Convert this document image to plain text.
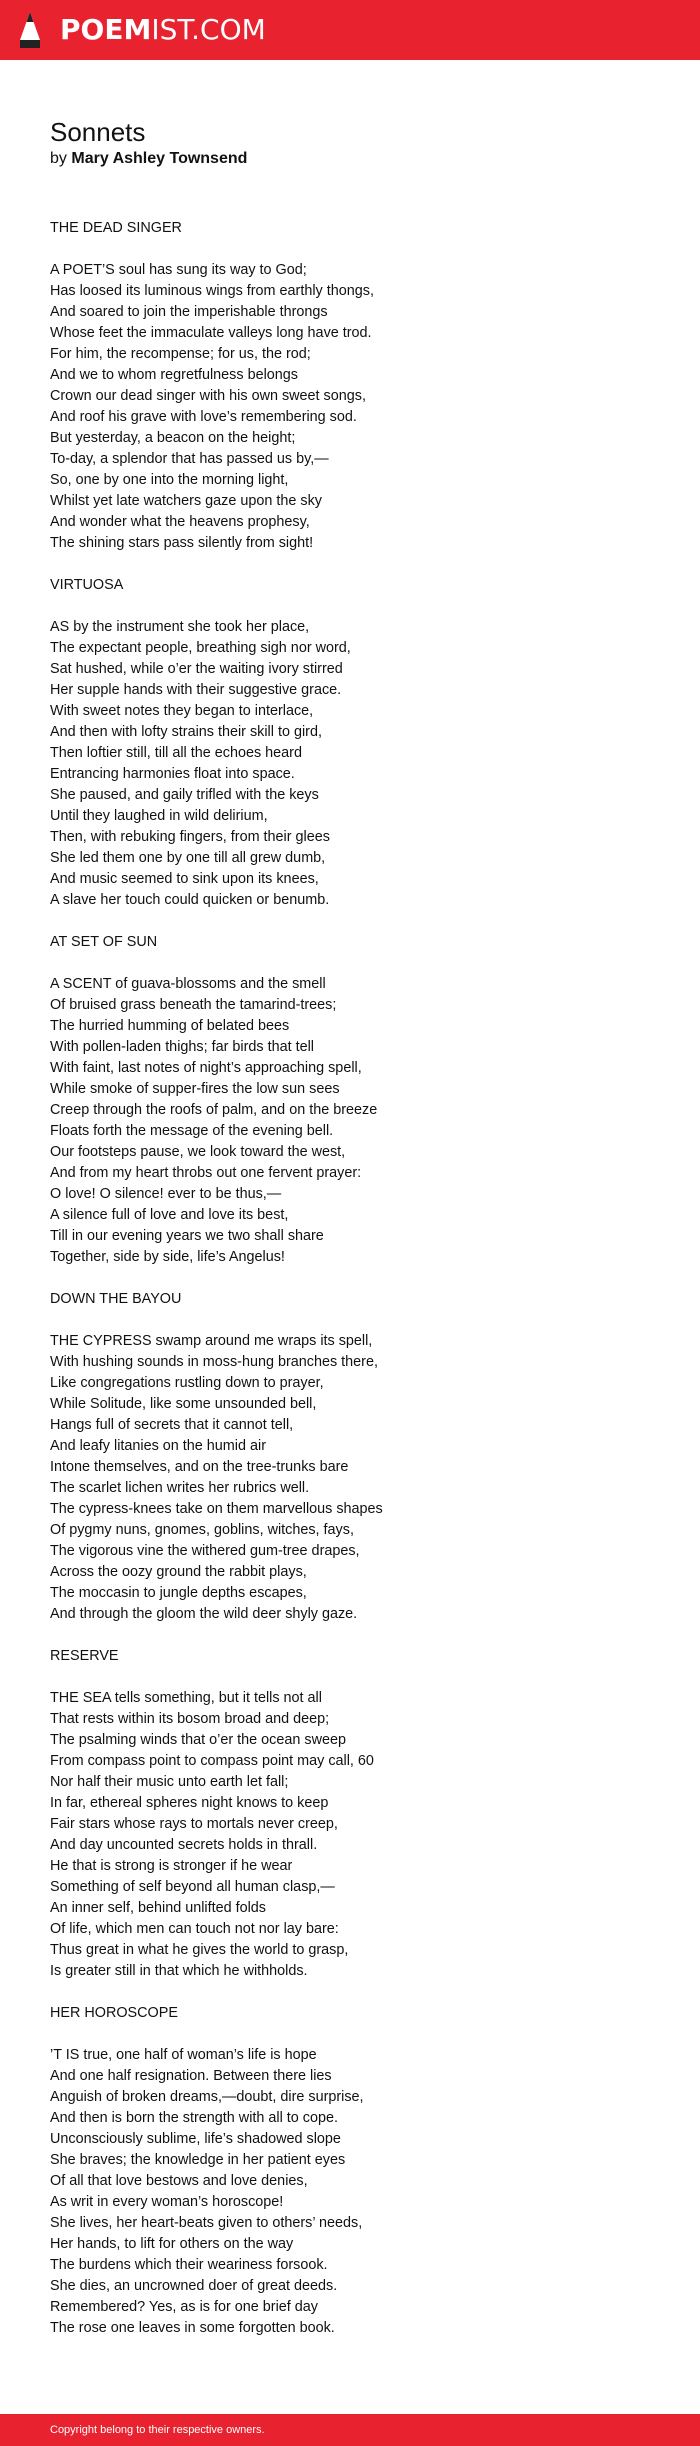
POEMIST.COM
Sonnets
by Mary Ashley Townsend
THE DEAD SINGER
A POET’S soul has sung its way to God;
Has loosed its luminous wings from earthly thongs,
And soared to join the imperishable throngs
Whose feet the immaculate valleys long have trod.
For him, the recompense; for us, the rod;
And we to whom regretfulness belongs
Crown our dead singer with his own sweet songs,
And roof his grave with love’s remembering sod.
But yesterday, a beacon on the height;
To-day, a splendor that has passed us by,—
So, one by one into the morning light,
Whilst yet late watchers gaze upon the sky
And wonder what the heavens prophesy,
The shining stars pass silently from sight!
VIRTUOSA
AS by the instrument she took her place,
The expectant people, breathing sigh nor word,
Sat hushed, while o’er the waiting ivory stirred
Her supple hands with their suggestive grace.
With sweet notes they began to interlace,
And then with lofty strains their skill to gird,
Then loftier still, till all the echoes heard
Entrancing harmonies float into space.
She paused, and gaily trifled with the keys
Until they laughed in wild delirium,
Then, with rebuking fingers, from their glees
She led them one by one till all grew dumb,
And music seemed to sink upon its knees,
A slave her touch could quicken or benumb.
AT SET OF SUN
A SCENT of guava-blossoms and the smell
Of bruised grass beneath the tamarind-trees;
The hurried humming of belated bees
With pollen-laden thighs; far birds that tell
With faint, last notes of night’s approaching spell,
While smoke of supper-fires the low sun sees
Creep through the roofs of palm, and on the breeze
Floats forth the message of the evening bell.
Our footsteps pause, we look toward the west,
And from my heart throbs out one fervent prayer:
O love! O silence! ever to be thus,—
A silence full of love and love its best,
Till in our evening years we two shall share
Together, side by side, life’s Angelus!
DOWN THE BAYOU
THE CYPRESS swamp around me wraps its spell,
With hushing sounds in moss-hung branches there,
Like congregations rustling down to prayer,
While Solitude, like some unsounded bell,
Hangs full of secrets that it cannot tell,
And leafy litanies on the humid air
Intone themselves, and on the tree-trunks bare
The scarlet lichen writes her rubrics well.
The cypress-knees take on them marvellous shapes
Of pygmy nuns, gnomes, goblins, witches, fays,
The vigorous vine the withered gum-tree drapes,
Across the oozy ground the rabbit plays,
The moccasin to jungle depths escapes,
And through the gloom the wild deer shyly gaze.
RESERVE
THE SEA tells something, but it tells not all
That rests within its bosom broad and deep;
The psalming winds that o’er the ocean sweep
From compass point to compass point may call, 60
Nor half their music unto earth let fall;
In far, ethereal spheres night knows to keep
Fair stars whose rays to mortals never creep,
And day uncounted secrets holds in thrall.
He that is strong is stronger if he wear
Something of self beyond all human clasp,—
An inner self, behind unlifted folds
Of life, which men can touch not nor lay bare:
Thus great in what he gives the world to grasp,
Is greater still in that which he withholds.
HER HOROSCOPE
’T IS true, one half of woman’s life is hope
And one half resignation. Between there lies
Anguish of broken dreams,—doubt, dire surprise,
And then is born the strength with all to cope.
Unconsciously sublime, life’s shadowed slope
She braves; the knowledge in her patient eyes
Of all that love bestows and love denies,
As writ in every woman’s horoscope!
She lives, her heart-beats given to others’ needs,
Her hands, to lift for others on the way
The burdens which their weariness forsook.
She dies, an uncrowned doer of great deeds.
Remembered? Yes, as is for one brief day
The rose one leaves in some forgotten book.
Copyright belong to their respective owners.
